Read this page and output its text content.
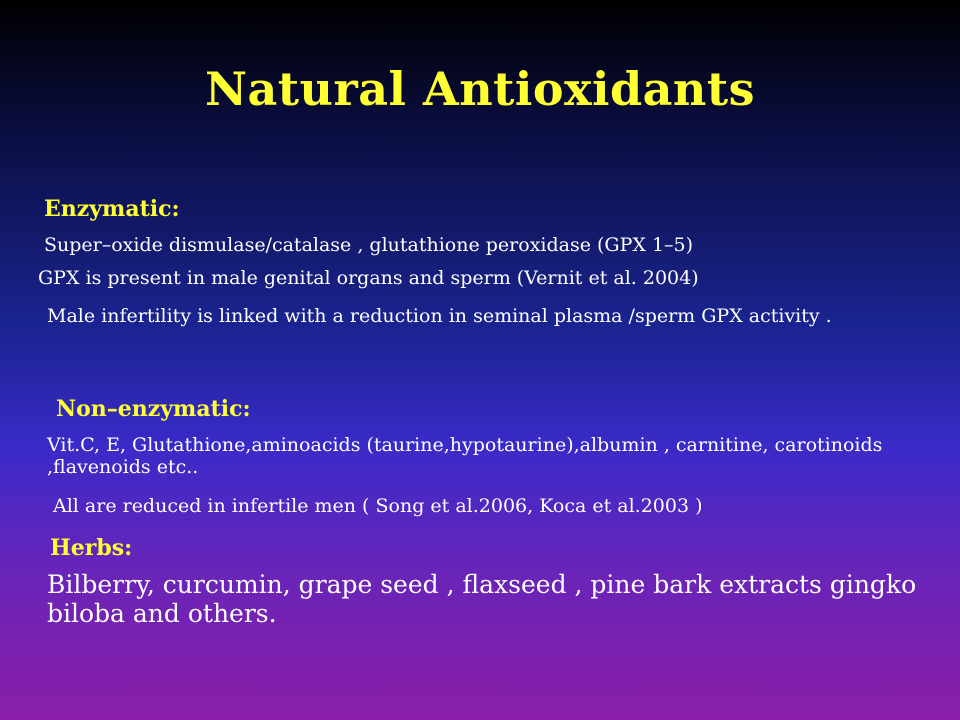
Natural Antioxidants
Enzymatic:
Super–oxide dismulase/catalase , glutathione peroxidase (GPX 1–5)
GPX is present in male genital organs and sperm (Vernit et al. 2004)
Male infertility is linked with a reduction in seminal plasma /sperm GPX activity .
Non–enzymatic:
Vit.C, E, Glutathione,aminoacids (taurine,hypotaurine),albumin , carnitine, carotinoids ,flavenoids etc..
All are reduced in infertile men ( Song et al.2006, Koca et al.2003 )
Herbs:
Bilberry, curcumin, grape seed , flaxseed , pine bark extracts gingko biloba and others.
